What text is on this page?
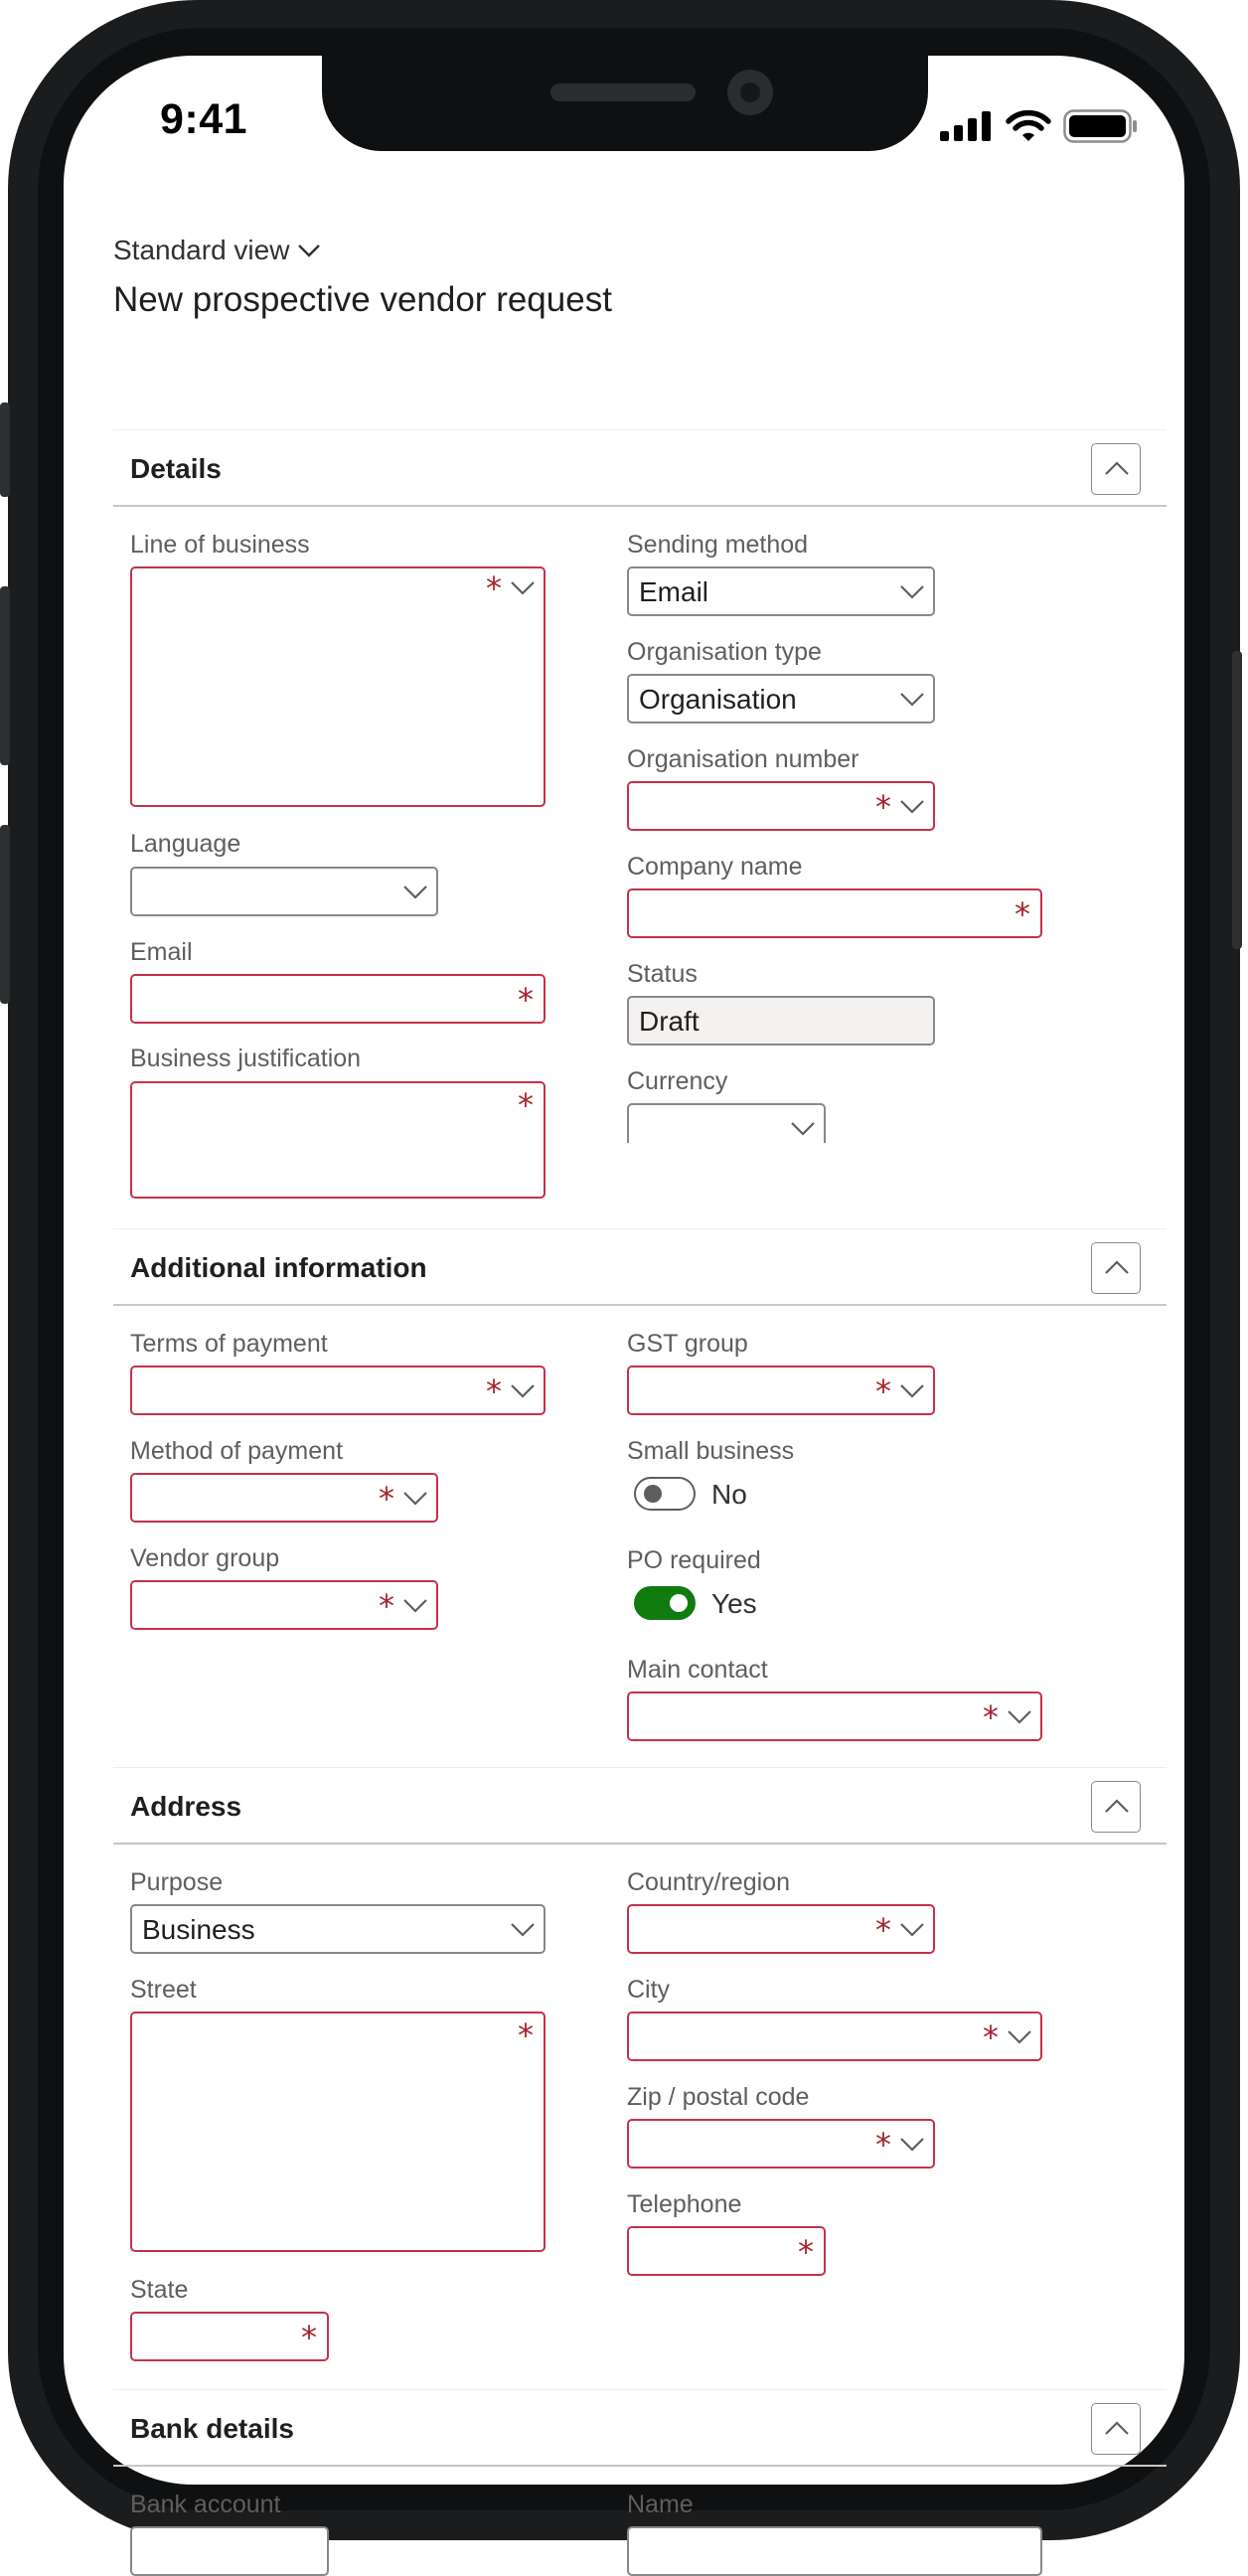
Standard view
New prospective vendor request
Details
Line of business
*
Language
Email
*
Business justification
*
Sending method
Email
Organisation type
Organisation
Organisation number
*
Company name
*
Status
Draft
Currency
Additional information
Terms of payment
*
Method of payment
*
Vendor group
*
GST group
*
Small business
No
PO required
Yes
Main contact
*
Address
Purpose
Business
Street
*
State
*
Country/region
*
City
*
Zip / postal code
*
Telephone
*
Bank details
Bank account	Name
9:41
